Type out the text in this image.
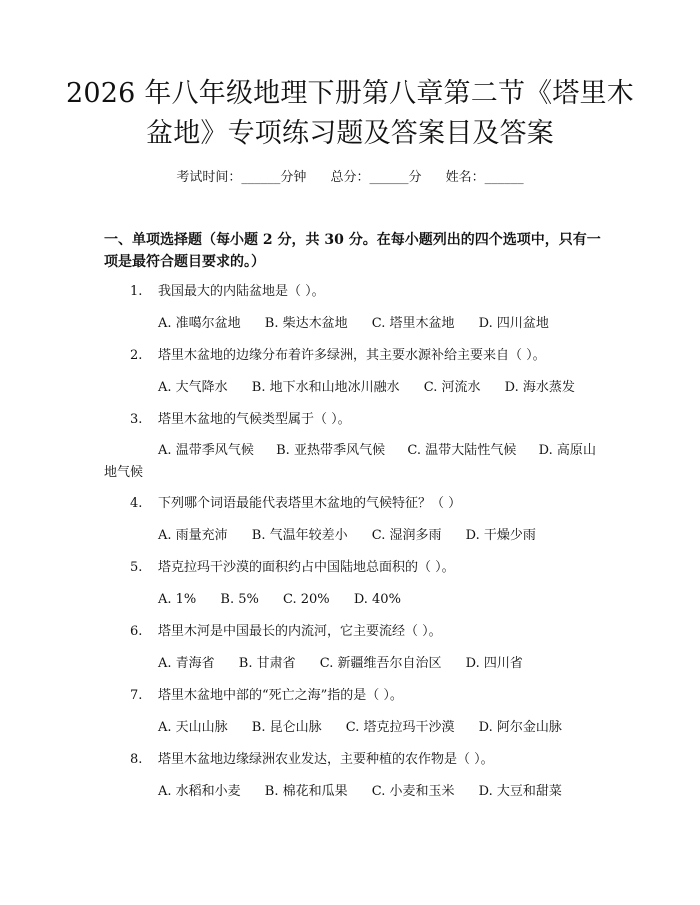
2026 年八年级地理下册第八章第二节《塔里木盆地》专项练习题及答案目及答案
考试时间：______分钟 总分：______分 姓名：______
一、单项选择题（每小题 2 分，共 30 分。在每小题列出的四个选项中，只有一项是最符合题目要求的。）
1. 我国最大的内陆盆地是（ ）。
A. 准噶尔盆地 B. 柴达木盆地 C. 塔里木盆地 D. 四川盆地
2. 塔里木盆地的边缘分布着许多绿洲，其主要水源补给主要来自（ ）。
A. 大气降水 B. 地下水和山地冰川融水 C. 河流水 D. 海水蒸发
3. 塔里木盆地的气候类型属于（ ）。
A. 温带季风气候 B. 亚热带季风气候 C. 温带大陆性气候 D. 高原山地气候
4. 下列哪个词语最能代表塔里木盆地的气候特征？（ ）
A. 雨量充沛 B. 气温年较差小 C. 湿润多雨 D. 干燥少雨
5. 塔克拉玛干沙漠的面积约占中国陆地总面积的（ ）。
A. 1% B. 5% C. 20% D. 40%
6. 塔里木河是中国最长的内流河，它主要流经（ ）。
A. 青海省 B. 甘肃省 C. 新疆维吾尔自治区 D. 四川省
7. 塔里木盆地中部的“死亡之海”指的是（ ）。
A. 天山山脉 B. 昆仑山脉 C. 塔克拉玛干沙漠 D. 阿尔金山脉
8. 塔里木盆地边缘绿洲农业发达，主要种植的农作物是（ ）。
A. 水稻和小麦 B. 棉花和瓜果 C. 小麦和玉米 D. 大豆和甜菜
